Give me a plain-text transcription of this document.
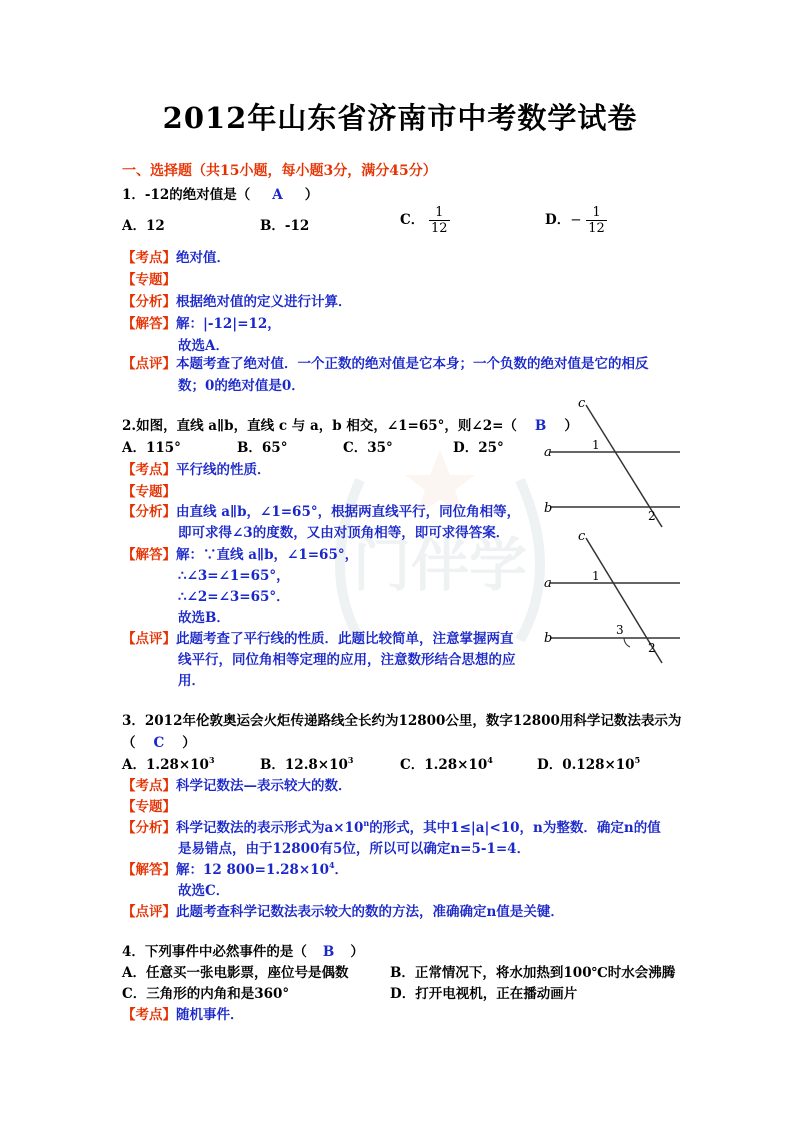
门伴学
2012年山东省济南市中考数学试卷
一、选择题（共15小题，每小题3分，满分45分）
1．-12的绝对值是（ A ）
A．12	B．-12	C． $\frac{1}{12}$	D．− $\frac{1}{12}$
【考点】绝对值．
【专题】
【分析】根据绝对值的定义进行计算．
【解答】解：|-12|=12，
故选A．
【点评】本题考查了绝对值．一个正数的绝对值是它本身；一个负数的绝对值是它的相反
数；0的绝对值是0．
2.如图，直线 a∥b，直线 c 与 a，b 相交，∠1=65°，则∠2=（ B ）
A．115°	B．65°	C．35°	D．25°
【考点】平行线的性质．
【专题】
【分析】由直线 a∥b，∠1=65°，根据两直线平行，同位角相等，
即可求得∠3的度数，又由对顶角相等，即可求得答案．
【解答】解：∵直线 a∥b，∠1=65°，
∴∠3=∠1=65°，
∴∠2=∠3=65°．
故选B．
【点评】此题考查了平行线的性质．此题比较简单，注意掌握两直
线平行，同位角相等定理的应用，注意数形结合思想的应
用．
c
a
b
1
2
c
a
b
1
3
2
3．2012年伦敦奥运会火炬传递路线全长约为12800公里，数字12800用科学记数法表示为
（ C ）
A．$1.28\times 10^3$	B．$12.8\times 10^3$	C．$1.28\times 10^4$	D．$0.128\times 10^5$
【考点】科学记数法—表示较大的数．
【专题】
【分析】科学记数法的表示形式为$a\times 10^n$的形式，其中1≤|a|<10，n为整数．确定n的值
是易错点，由于12800有5位，所以可以确定n=5-1=4．
【解答】解：12 $800=1.28\times 10^4$．
故选C．
【点评】此题考查科学记数法表示较大的数的方法，准确确定n值是关键．
4．下列事件中必然事件的是（ B ）
A．任意买一张电影票，座位号是偶数	B．正常情况下，将水加热到100℃时水会沸腾
C．三角形的内角和是360°	D．打开电视机，正在播动画片
【考点】随机事件．
